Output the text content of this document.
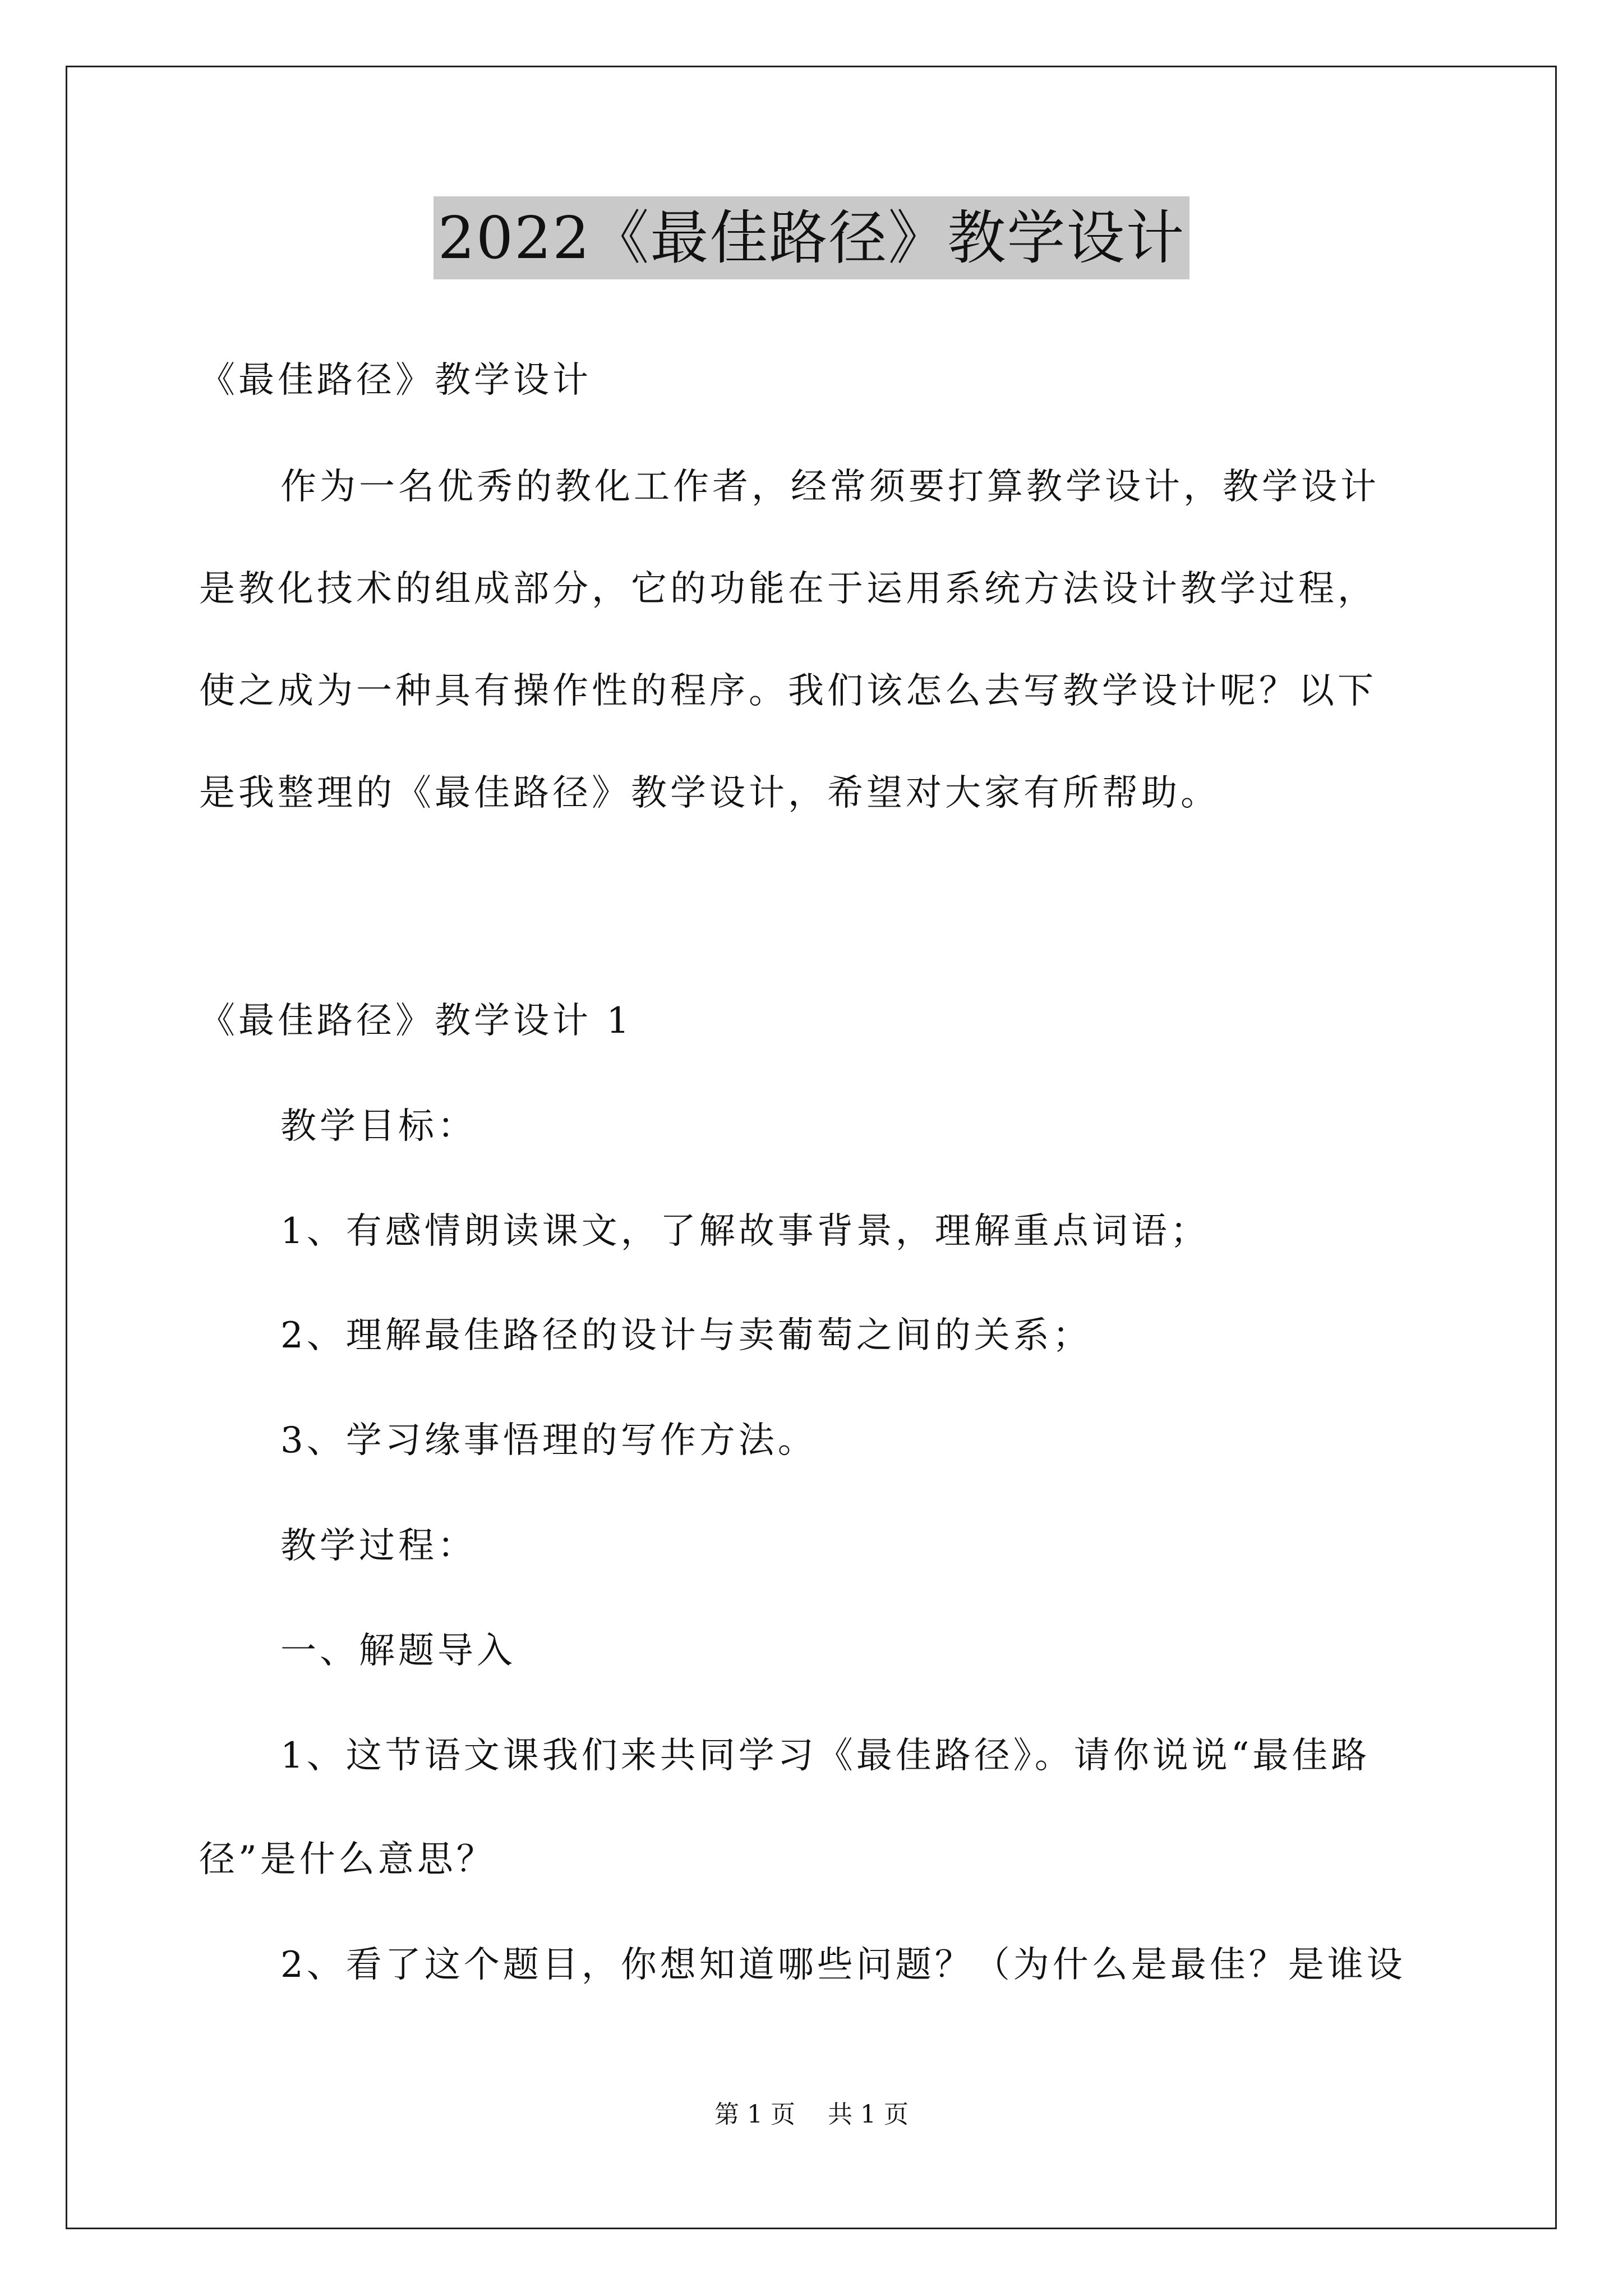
2022《最佳路径》教学设计
《最佳路径》教学设计
作为一名优秀的教化工作者，经常须要打算教学设计，教学设计
是教化技术的组成部分，它的功能在于运用系统方法设计教学过程，
使之成为一种具有操作性的程序。我们该怎么去写教学设计呢？以下
是我整理的《最佳路径》教学设计，希望对大家有所帮助。
《最佳路径》教学设计 1
教学目标：
1、有感情朗读课文，了解故事背景，理解重点词语；
2、理解最佳路径的设计与卖葡萄之间的关系；
3、学习缘事悟理的写作方法。
教学过程：
一、解题导入
1、这节语文课我们来共同学习《最佳路径》。请你说说“最佳路
径”是什么意思？
2、看了这个题目，你想知道哪些问题？（为什么是最佳？是谁设
第 1 页 共 1 页
